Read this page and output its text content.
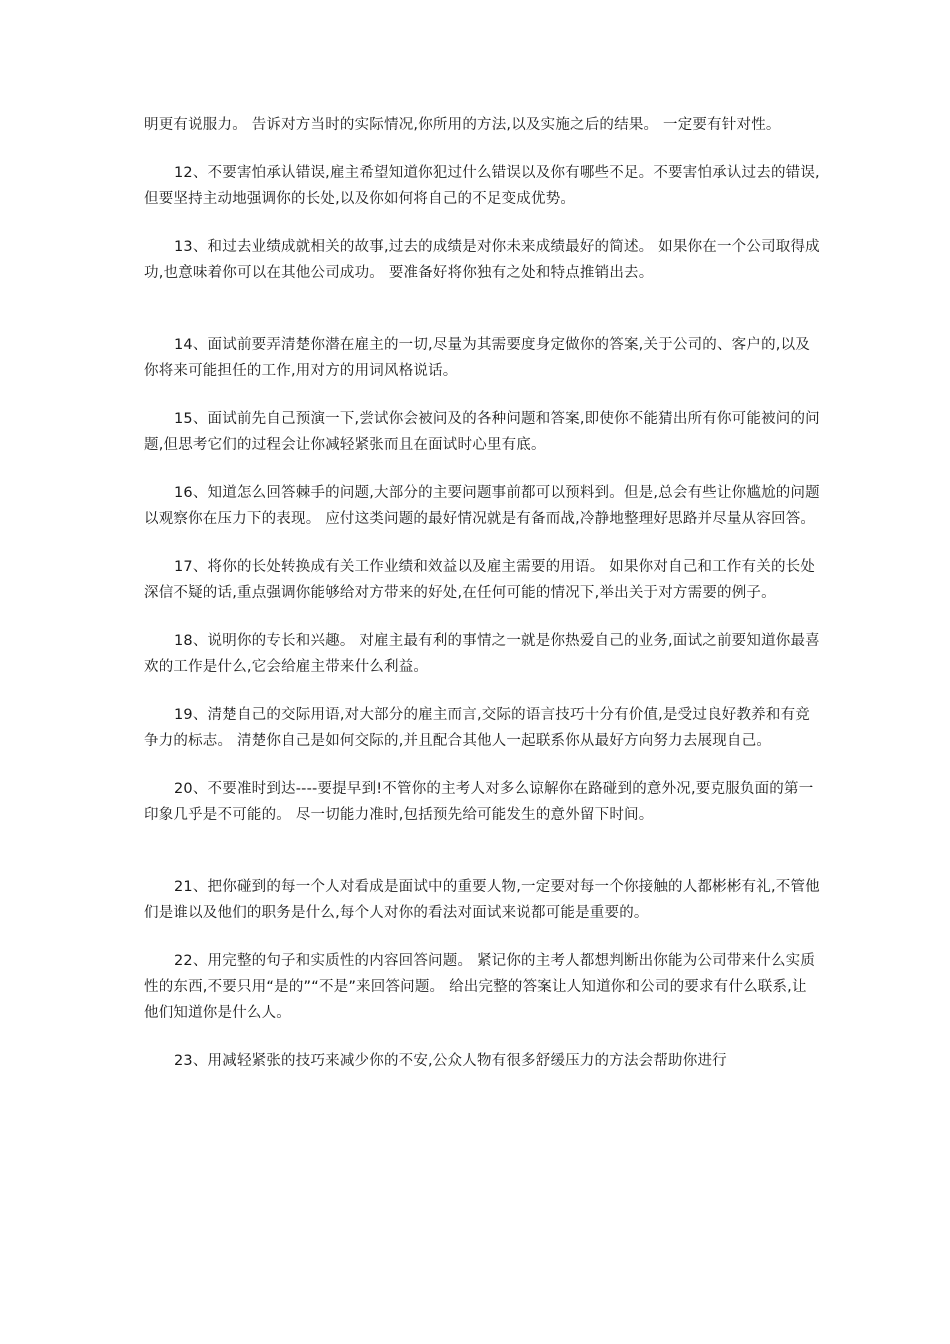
明更有说服力。 告诉对方当时的实际情况,你所用的方法,以及实施之后的结果。 一定要有针对性。

12、不要害怕承认错误,雇主希望知道你犯过什么错误以及你有哪些不足。不要害怕承认过去的错误,但要坚持主动地强调你的长处,以及你如何将自己的不足变成优势。

13、和过去业绩成就相关的故事,过去的成绩是对你未来成绩最好的简述。 如果你在一个公司取得成功,也意味着你可以在其他公司成功。 要准备好将你独有之处和特点推销出去。

14、面试前要弄清楚你潜在雇主的一切,尽量为其需要度身定做你的答案,关于公司的、客户的,以及你将来可能担任的工作,用对方的用词风格说话。

15、面试前先自己预演一下,尝试你会被问及的各种问题和答案,即使你不能猜出所有你可能被问的问题,但思考它们的过程会让你减轻紧张而且在面试时心里有底。

16、知道怎么回答棘手的问题,大部分的主要问题事前都可以预料到。但是,总会有些让你尴尬的问题以观察你在压力下的表现。 应付这类问题的最好情况就是有备而战,冷静地整理好思路并尽量从容回答。

17、将你的长处转换成有关工作业绩和效益以及雇主需要的用语。 如果你对自己和工作有关的长处深信不疑的话,重点强调你能够给对方带来的好处,在任何可能的情况下,举出关于对方需要的例子。

18、说明你的专长和兴趣。 对雇主最有利的事情之一就是你热爱自己的业务,面试之前要知道你最喜欢的工作是什么,它会给雇主带来什么利益。

19、清楚自己的交际用语,对大部分的雇主而言,交际的语言技巧十分有价值,是受过良好教养和有竞争力的标志。 清楚你自己是如何交际的,并且配合其他人一起联系你从最好方向努力去展现自己。

20、不要准时到达----要提早到!不管你的主考人对多么谅解你在路碰到的意外况,要克服负面的第一印象几乎是不可能的。 尽一切能力准时,包括预先给可能发生的意外留下时间。

21、把你碰到的每一个人对看成是面试中的重要人物,一定要对每一个你接触的人都彬彬有礼,不管他们是谁以及他们的职务是什么,每个人对你的看法对面试来说都可能是重要的。

22、用完整的句子和实质性的内容回答问题。 紧记你的主考人都想判断出你能为公司带来什么实质性的东西,不要只用“是的”“不是”来回答问题。 给出完整的答案让人知道你和公司的要求有什么联系,让他们知道你是什么人。

23、用减轻紧张的技巧来减少你的不安,公众人物有很多舒缓压力的方法会帮助你进行
